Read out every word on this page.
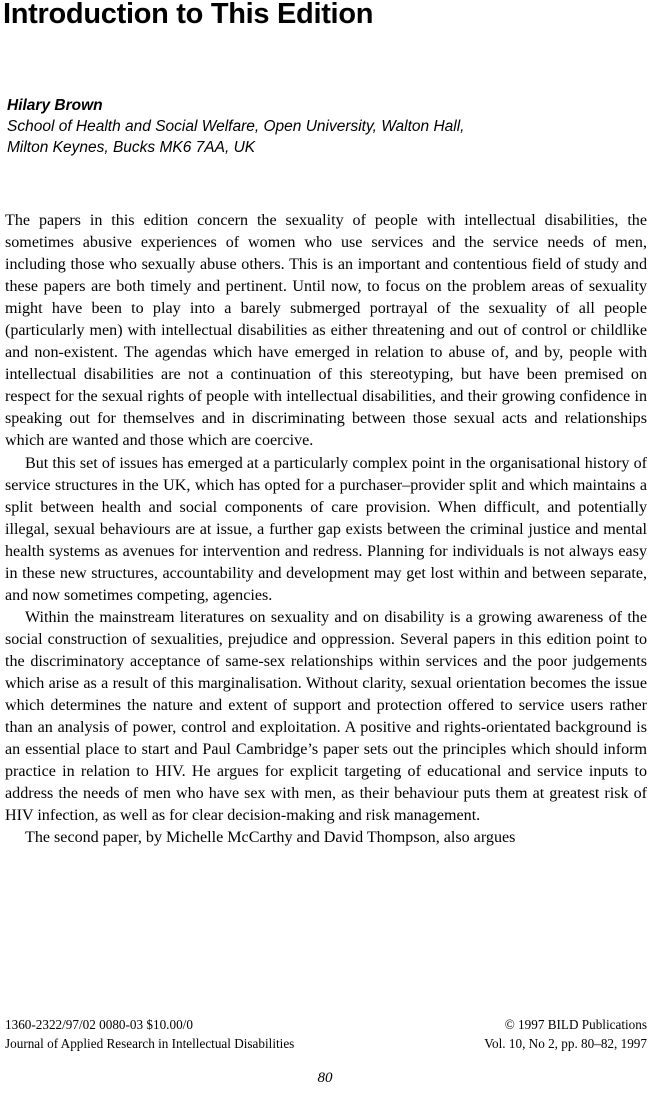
Introduction to This Edition
Hilary Brown
School of Health and Social Welfare, Open University, Walton Hall,
Milton Keynes, Bucks MK6 7AA, UK

The papers in this edition concern the sexuality of people with intellectual disabilities, the sometimes abusive experiences of women who use services and the service needs of men, including those who sexually abuse others. This is an important and contentious field of study and these papers are both timely and pertinent. Until now, to focus on the problem areas of sexuality might have been to play into a barely submerged portrayal of the sexuality of all people (particularly men) with intellectual disabilities as either threatening and out of control or childlike and non-existent. The agendas which have emerged in relation to abuse of, and by, people with intellectual disabilities are not a continuation of this stereotyping, but have been premised on respect for the sexual rights of people with intellectual disabilities, and their growing confidence in speaking out for themselves and in discriminating between those sexual acts and relationships which are wanted and those which are coercive.

But this set of issues has emerged at a particularly complex point in the organisational history of service structures in the UK, which has opted for a purchaser–provider split and which maintains a split between health and social components of care provision. When difficult, and potentially illegal, sexual behaviours are at issue, a further gap exists between the criminal justice and mental health systems as avenues for intervention and redress. Planning for individuals is not always easy in these new structures, accountability and development may get lost within and between separate, and now sometimes competing, agencies.

Within the mainstream literatures on sexuality and on disability is a growing awareness of the social construction of sexualities, prejudice and oppression. Several papers in this edition point to the discriminatory acceptance of same-sex relationships within services and the poor judgements which arise as a result of this marginalisation. Without clarity, sexual orientation becomes the issue which determines the nature and extent of support and protection offered to service users rather than an analysis of power, control and exploitation. A positive and rights-orientated background is an essential place to start and Paul Cambridge’s paper sets out the principles which should inform practice in relation to HIV. He argues for explicit targeting of educational and service inputs to address the needs of men who have sex with men, as their behaviour puts them at greatest risk of HIV infection, as well as for clear decision-making and risk management.

The second paper, by Michelle McCarthy and David Thompson, also argues

1360-2322/97/02 0080-03 $10.00/0
Journal of Applied Research in Intellectual Disabilities
© 1997 BILD Publications
Vol. 10, No 2, pp. 80–82, 1997
80
